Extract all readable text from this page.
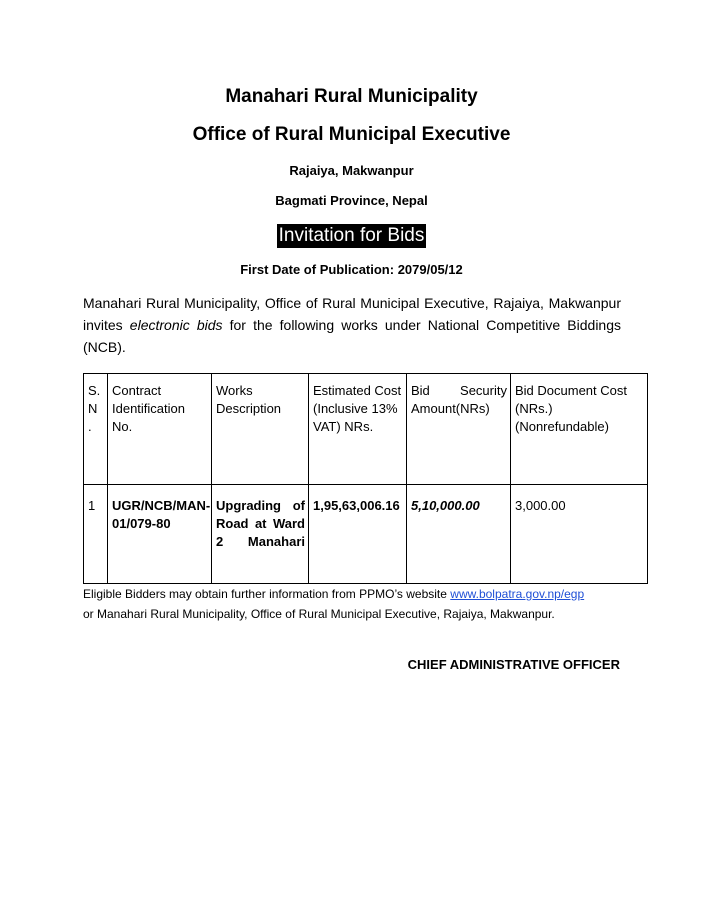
Manahari Rural Municipality
Office of Rural Municipal Executive
Rajaiya, Makwanpur
Bagmati Province, Nepal
Invitation for Bids
First Date of Publication: 2079/05/12
Manahari Rural Municipality, Office of Rural Municipal Executive, Rajaiya, Makwanpur invites electronic bids for the following works under National Competitive Biddings (NCB).
S. N .	Contract Identification No.	Works Description	Estimated Cost (Inclusive 13% VAT) NRs.	Bid Security Amount(NRs)	Bid Document Cost (NRs.) (Nonrefundable)
1	UGR/NCB/MAN-01/079-80	Upgrading of Road at Ward 2 Manahari	1,95,63,006.16	5,10,000.00	3,000.00
Eligible Bidders may obtain further information from PPMO’s website www.bolpatra.gov.np/egp
or Manahari Rural Municipality, Office of Rural Municipal Executive, Rajaiya, Makwanpur.
CHIEF ADMINISTRATIVE OFFICER
